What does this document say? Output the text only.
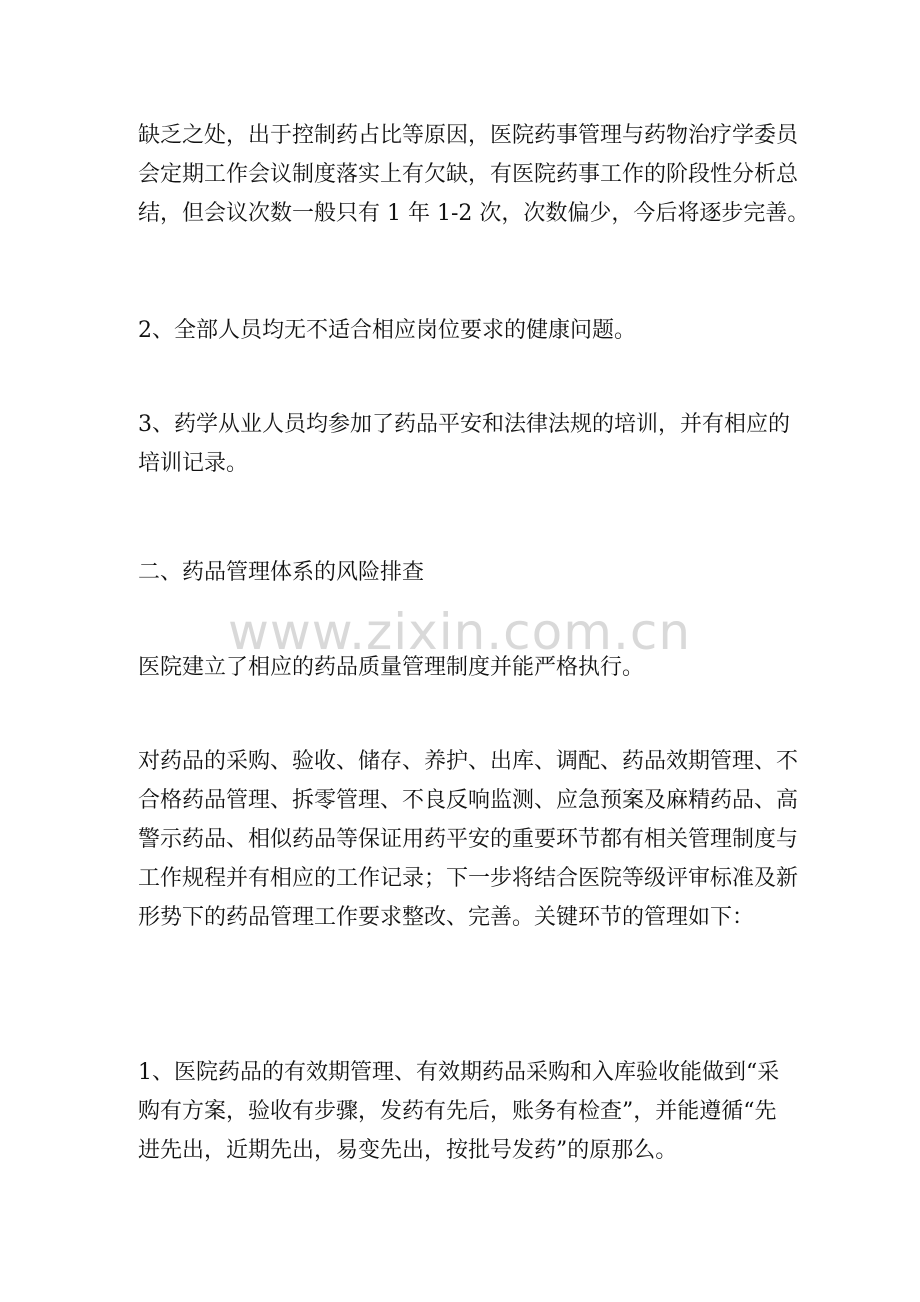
缺乏之处，出于控制药占比等原因，医院药事管理与药物治疗学委员
会定期工作会议制度落实上有欠缺，有医院药事工作的阶段性分析总
结，但会议次数一般只有 1 年 1-2 次，次数偏少，今后将逐步完善。
2、全部人员均无不适合相应岗位要求的健康问题。
3、药学从业人员均参加了药品平安和法律法规的培训，并有相应的
培训记录。
二、药品管理体系的风险排查
医院建立了相应的药品质量管理制度并能严格执行。
对药品的采购、验收、储存、养护、出库、调配、药品效期管理、不
合格药品管理、拆零管理、不良反响监测、应急预案及麻精药品、高
警示药品、相似药品等保证用药平安的重要环节都有相关管理制度与
工作规程并有相应的工作记录；下一步将结合医院等级评审标准及新
形势下的药品管理工作要求整改、完善。关键环节的管理如下：
1、医院药品的有效期管理、有效期药品采购和入库验收能做到“采
购有方案，验收有步骤，发药有先后，账务有检查”，并能遵循“先
进先出，近期先出，易变先出，按批号发药”的原那么。
www.zixin.com.cn
